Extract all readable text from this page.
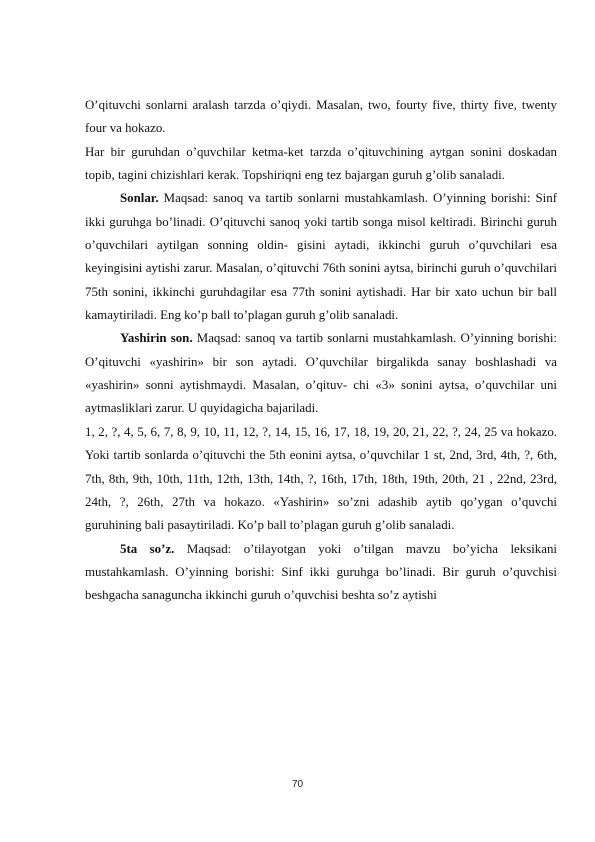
O’qituvchi sonlarni aralash tarzda o’qiydi. Masalan, two, fourty five, thirty five, twenty four va hokazo.

Har bir guruhdan o’quvchilar ketma-ket tarzda o’qituvchining aytgan sonini doskadan topib, tagini chizishlari kerak. Topshiriqni eng tez bajargan guruh g’olib sanaladi.

Sonlar. Maqsad: sanoq va tartib sonlarni mustahkamlash. O’yinning borishi: Sinf ikki guruhga bo’linadi. O’qituvchi sanoq yoki tartib songa misol keltiradi. Birinchi guruh o’quvchilari aytilgan sonning oldin- gisini aytadi, ikkinchi guruh o’quvchilari esa keyingisini aytishi zarur. Masalan, o’qituvchi 76th sonini aytsa, birinchi guruh o’quvchilari 75th sonini, ikkinchi guruhdagilar esa 77th sonini aytishadi. Har bir xato uchun bir ball kamaytiriladi. Eng ko’p ball to’plagan guruh g’olib sanaladi.

Yashirin son. Maqsad: sanoq va tartib sonlarni mustahkamlash. O’yinning borishi: O’qituvchi «yashirin» bir son aytadi. O’quvchilar birgalikda sanay boshlashadi va «yashirin» sonni aytishmaydi. Masalan, o’qituv- chi «3» sonini aytsa, o’quvchilar uni aytmasliklari zarur. U quyidagicha bajariladi.

1, 2, ?, 4, 5, 6, 7, 8, 9, 10, 11, 12, ?, 14, 15, 16, 17, 18, 19, 20, 21, 22, ?, 24, 25 va hokazo. Yoki tartib sonlarda o’qituvchi the 5th eonini aytsa, o’quvchilar 1 st, 2nd, 3rd, 4th, ?, 6th, 7th, 8th, 9th, 10th, 11th, 12th, 13th, 14th, ?, 16th, 17th, 18th, 19th, 20th, 21 , 22nd, 23rd, 24th, ?, 26th, 27th va hokazo. «Yashirin» so’zni adashib aytib qo’ygan o’quvchi guruhining bali pasaytiriladi. Ko’p ball to’plagan guruh g’olib sanaladi.

5ta so’z. Maqsad: o’tilayotgan yoki o’tilgan mavzu bo’yicha leksikani mustahkamlash. O’yinning borishi: Sinf ikki guruhga bo’linadi. Bir guruh o’quvchisi beshgacha sanaguncha ikkinchi guruh o’quvchisi beshta so’z aytishi

70
